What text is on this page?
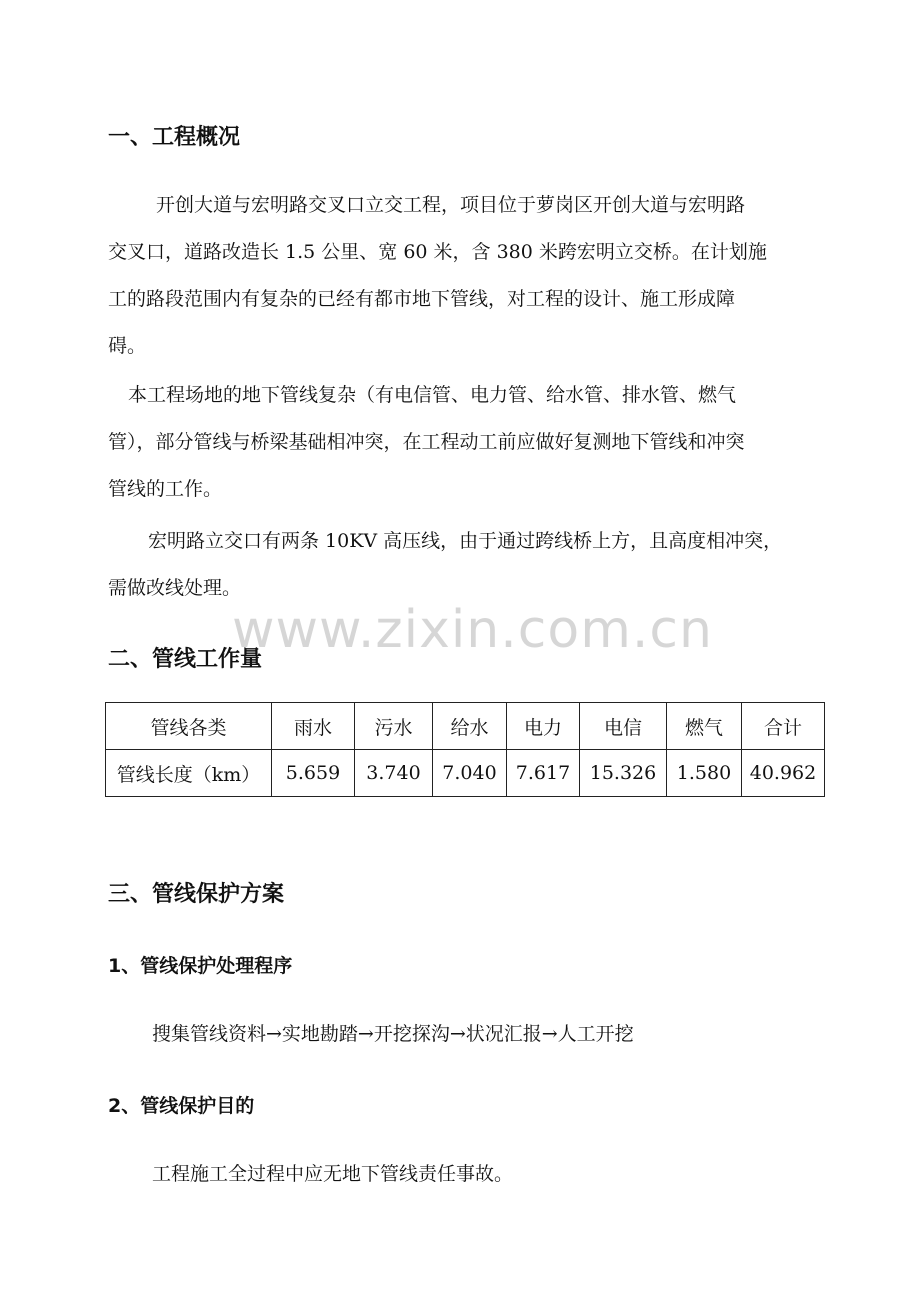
www.zixin.com.cn
一、工程概况
开创大道与宏明路交叉口立交工程，项目位于萝岗区开创大道与宏明路
交叉口，道路改造长 1.5 公里、宽 60 米，含 380 米跨宏明立交桥。在计划施
工的路段范围内有复杂的已经有都市地下管线，对工程的设计、施工形成障
碍。
本工程场地的地下管线复杂（有电信管、电力管、给水管、排水管、燃气
管），部分管线与桥梁基础相冲突，在工程动工前应做好复测地下管线和冲突
管线的工作。
宏明路立交口有两条 10KV 高压线，由于通过跨线桥上方，且高度相冲突，
需做改线处理。
二、管线工作量
管线各类	雨水	污水	给水	电力	电信	燃气	合计
管线长度（km）	5.659	3.740	7.040	7.617	15.326	1.580	40.962
三、管线保护方案
1、管线保护处理程序

搜集管线资料→实地勘踏→开挖探沟→状况汇报→人工开挖

2、管线保护目的

工程施工全过程中应无地下管线责任事故。
